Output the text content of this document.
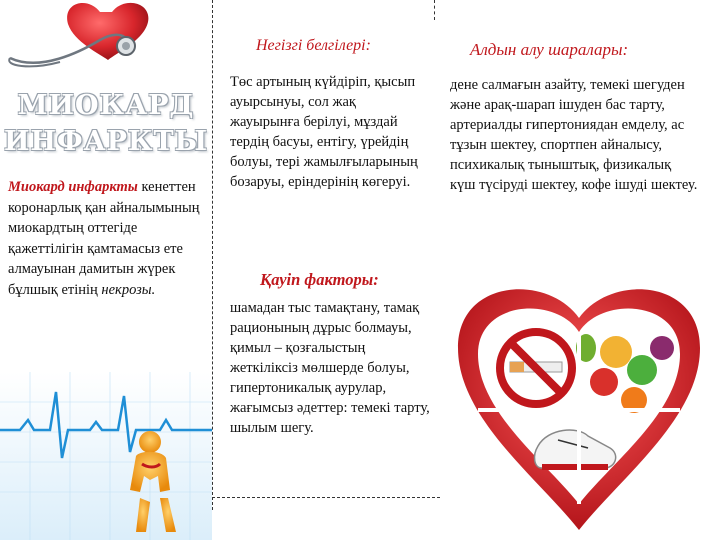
МИОКАРД
ИНФАРКТЫ
Миокард инфаркты кенеттен коронарлық қан айналымының миокардтың оттегіде қажеттілігін қамтамасыз ете алмауынан дамитын жүрек бұлшық етінің некрозы.
Негізгі белгілері:
Төс артының күйдіріп, қысып ауырсынуы, сол жақ жауырынға берілуі, мұздай тердің басуы, ентігу, үрейдің болуы, тері жамылғыларының бозаруы, еріндерінің көгеруі.
Қауіп факторы:
шамадан тыс тамақтану, тамақ рационының дұрыс болмауы, қимыл – қозғалыстың жеткіліксіз мөлшерде болуы, гипертоникалық аурулар, жағымсыз әдеттер: темекі тарту, шылым шегу.
Алдын алу шаралары:
дене салмағын азайту, темекі шегуден және арақ-шарап ішуден бас тарту, артериалды гипертониядан емделу, ас тұзын шектеу, спортпен айналысу, психикалық тыныштық, физикалық күш түсіруді шектеу, кофе ішуді шектеу.
